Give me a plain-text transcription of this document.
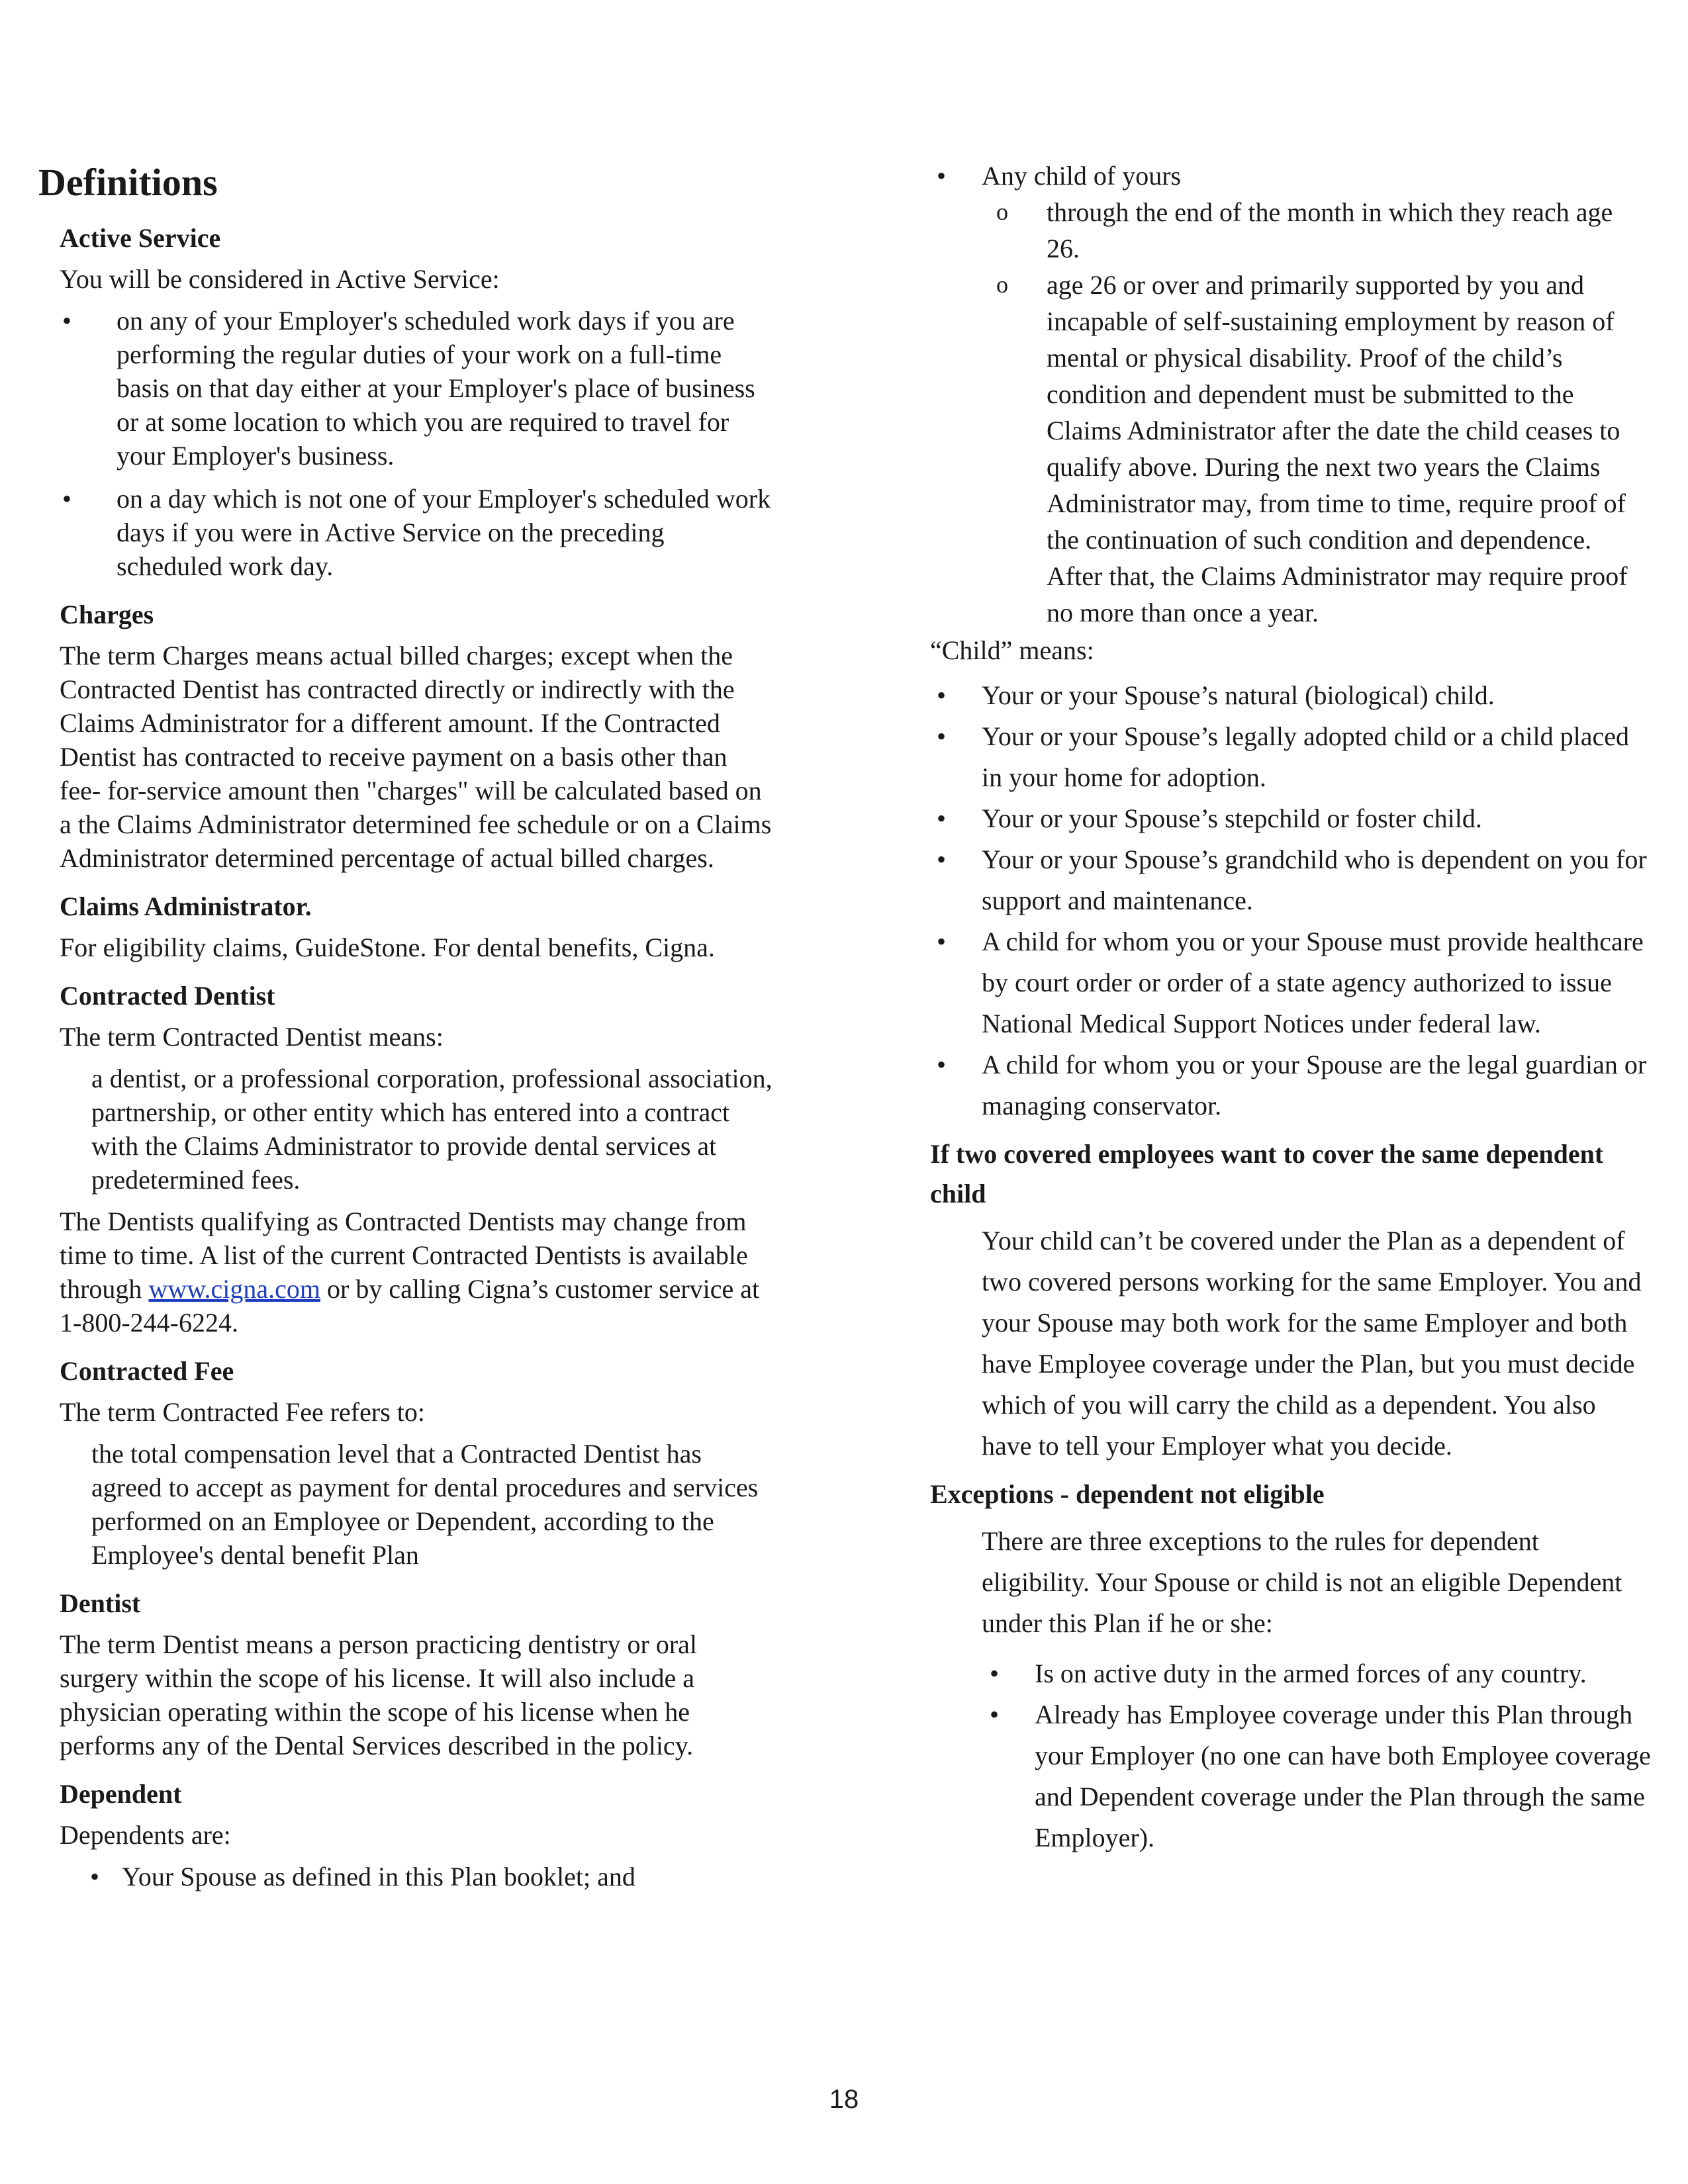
Definitions
Active Service

You will be considered in Active Service:

•
on any of your Employer's scheduled work days if you are performing the regular duties of your work on a full-time basis on that day either at your Employer's place of business or at some location to which you are required to travel for your Employer's business.
•
on a day which is not one of your Employer's scheduled work days if you were in Active Service on the preceding scheduled work day.
Charges

The term Charges means actual billed charges; except when the Contracted Dentist has contracted directly or indirectly with the Claims Administrator for a different amount. If the Contracted Dentist has contracted to receive payment on a basis other than fee- for-service amount then "charges" will be calculated based on a the Claims Administrator determined fee schedule or on a Claims Administrator determined percentage of actual billed charges.

Claims Administrator.

For eligibility claims, GuideStone. For dental benefits, Cigna.

Contracted Dentist

The term Contracted Dentist means:

a dentist, or a professional corporation, professional association, partnership, or other entity which has entered into a contract with the Claims Administrator to provide dental services at predetermined fees.

The Dentists qualifying as Contracted Dentists may change from time to time. A list of the current Contracted Dentists is available through www.cigna.com or by calling Cigna’s customer service at 1-800-244-6224.

Contracted Fee

The term Contracted Fee refers to:

the total compensation level that a Contracted Dentist has agreed to accept as payment for dental procedures and services performed on an Employee or Dependent, according to the Employee's dental benefit Plan

Dentist

The term Dentist means a person practicing dentistry or oral surgery within the scope of his license. It will also include a physician operating within the scope of his license when he performs any of the Dental Services described in the policy.

Dependent

Dependents are:

•
Your Spouse as defined in this Plan booklet; and
•
Any child of yours
o
through the end of the month in which they reach age 26.
o
age 26 or over and primarily supported by you and incapable of self-sustaining employment by reason of mental or physical disability. Proof of the child’s condition and dependent must be submitted to the Claims Administrator after the date the child ceases to qualify above. During the next two years the Claims Administrator may, from time to time, require proof of the continuation of such condition and dependence. After that, the Claims Administrator may require proof no more than once a year.

“Child” means:

•
Your or your Spouse’s natural (biological) child.
•
Your or your Spouse’s legally adopted child or a child placed in your home for adoption.
•
Your or your Spouse’s stepchild or foster child.
•
Your or your Spouse’s grandchild who is dependent on you for support and maintenance.
•
A child for whom you or your Spouse must provide healthcare by court order or order of a state agency authorized to issue National Medical Support Notices under federal law.
•
A child for whom you or your Spouse are the legal guardian or managing conservator.
If two covered employees want to cover the same dependent child

Your child can’t be covered under the Plan as a dependent of two covered persons working for the same Employer. You and your Spouse may both work for the same Employer and both have Employee coverage under the Plan, but you must decide which of you will carry the child as a dependent. You also have to tell your Employer what you decide.

Exceptions - dependent not eligible

There are three exceptions to the rules for dependent eligibility. Your Spouse or child is not an eligible Dependent under this Plan if he or she:

•
Is on active duty in the armed forces of any country.
•
Already has Employee coverage under this Plan through your Employer (no one can have both Employee coverage and Dependent coverage under the Plan through the same Employer).
18
